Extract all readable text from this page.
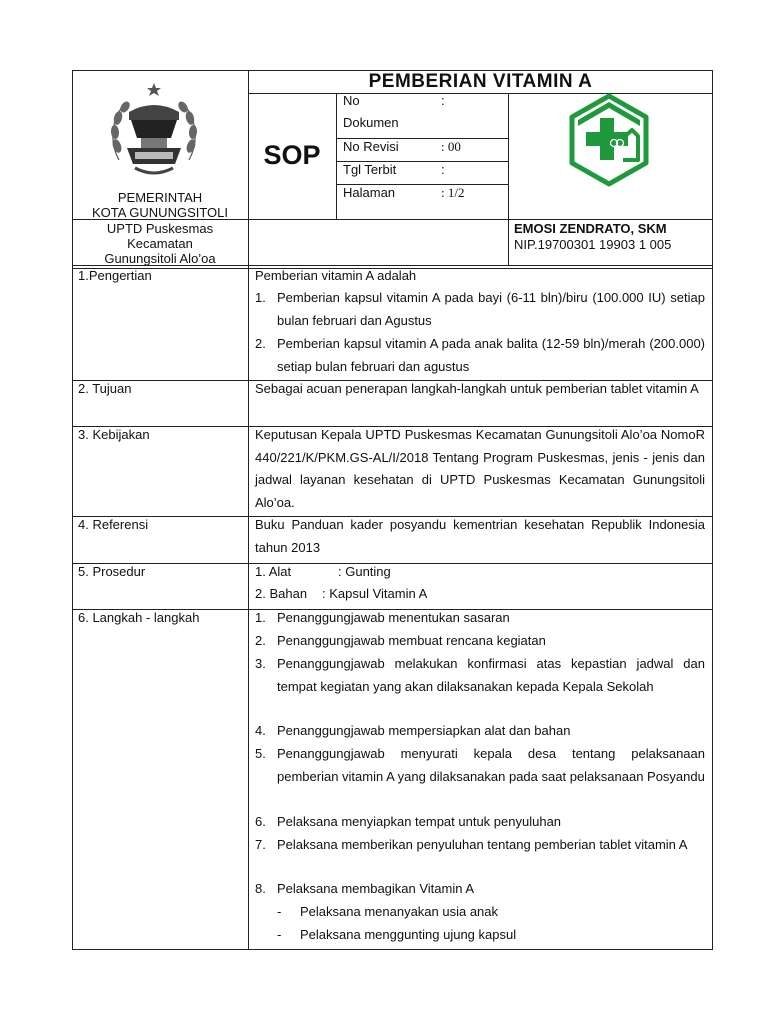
PEMERINTAH
KOTA GUNUNGSITOLI
UPTD Puskesmas
Kecamatan
Gunungsitoli Alo’oa
PEMBERIAN VITAMIN A
SOP
No
Dokumen
:
No Revisi	: 00
Tgl Terbit	:
Halaman	: 1/2
EMOSI ZENDRATO, SKM
NIP.19700301 19903 1 005
1.Pengertian	Pemberian vitamin A adalah
1. Pemberian kapsul vitamin A pada bayi (6-11 bln)/biru (100.000 IU) setiap bulan februari dan Agustus
2. Pemberian kapsul vitamin A pada anak balita (12-59 bln)/merah (200.000) setiap bulan februari dan agustus
2. Tujuan	Sebagai acuan penerapan langkah-langkah untuk pemberian tablet vitamin A
3. Kebijakan	Keputusan Kepala UPTD Puskesmas Kecamatan Gunungsitoli Alo’oa NomoR 440/221/K/PKM.GS-AL/I/2018 Tentang Program Puskesmas, jenis - jenis dan jadwal layanan kesehatan di UPTD Puskesmas Kecamatan Gunungsitoli Alo’oa.
4. Referensi	Buku Panduan kader posyandu kementrian kesehatan Republik Indonesia tahun 2013
5. Prosedur	1. Alat	: Gunting
2. Bahan : Kapsul Vitamin A
6. Langkah - langkah	1. Penanggungjawab menentukan sasaran
2. Penanggungjawab membuat rencana kegiatan
3. Penanggungjawab melakukan konfirmasi atas kepastian jadwal dan tempat kegiatan yang akan dilaksanakan kepada Kepala Sekolah
4. Penanggungjawab mempersiapkan alat dan bahan
5. Penanggungjawab menyurati kepala desa tentang pelaksanaan pemberian vitamin A yang dilaksanakan pada saat pelaksanaan Posyandu
6. Pelaksana menyiapkan tempat untuk penyuluhan
7. Pelaksana memberikan penyuluhan tentang pemberian tablet vitamin A
8. Pelaksana membagikan Vitamin A
- Pelaksana menanyakan usia anak
- Pelaksana menggunting ujung kapsul
